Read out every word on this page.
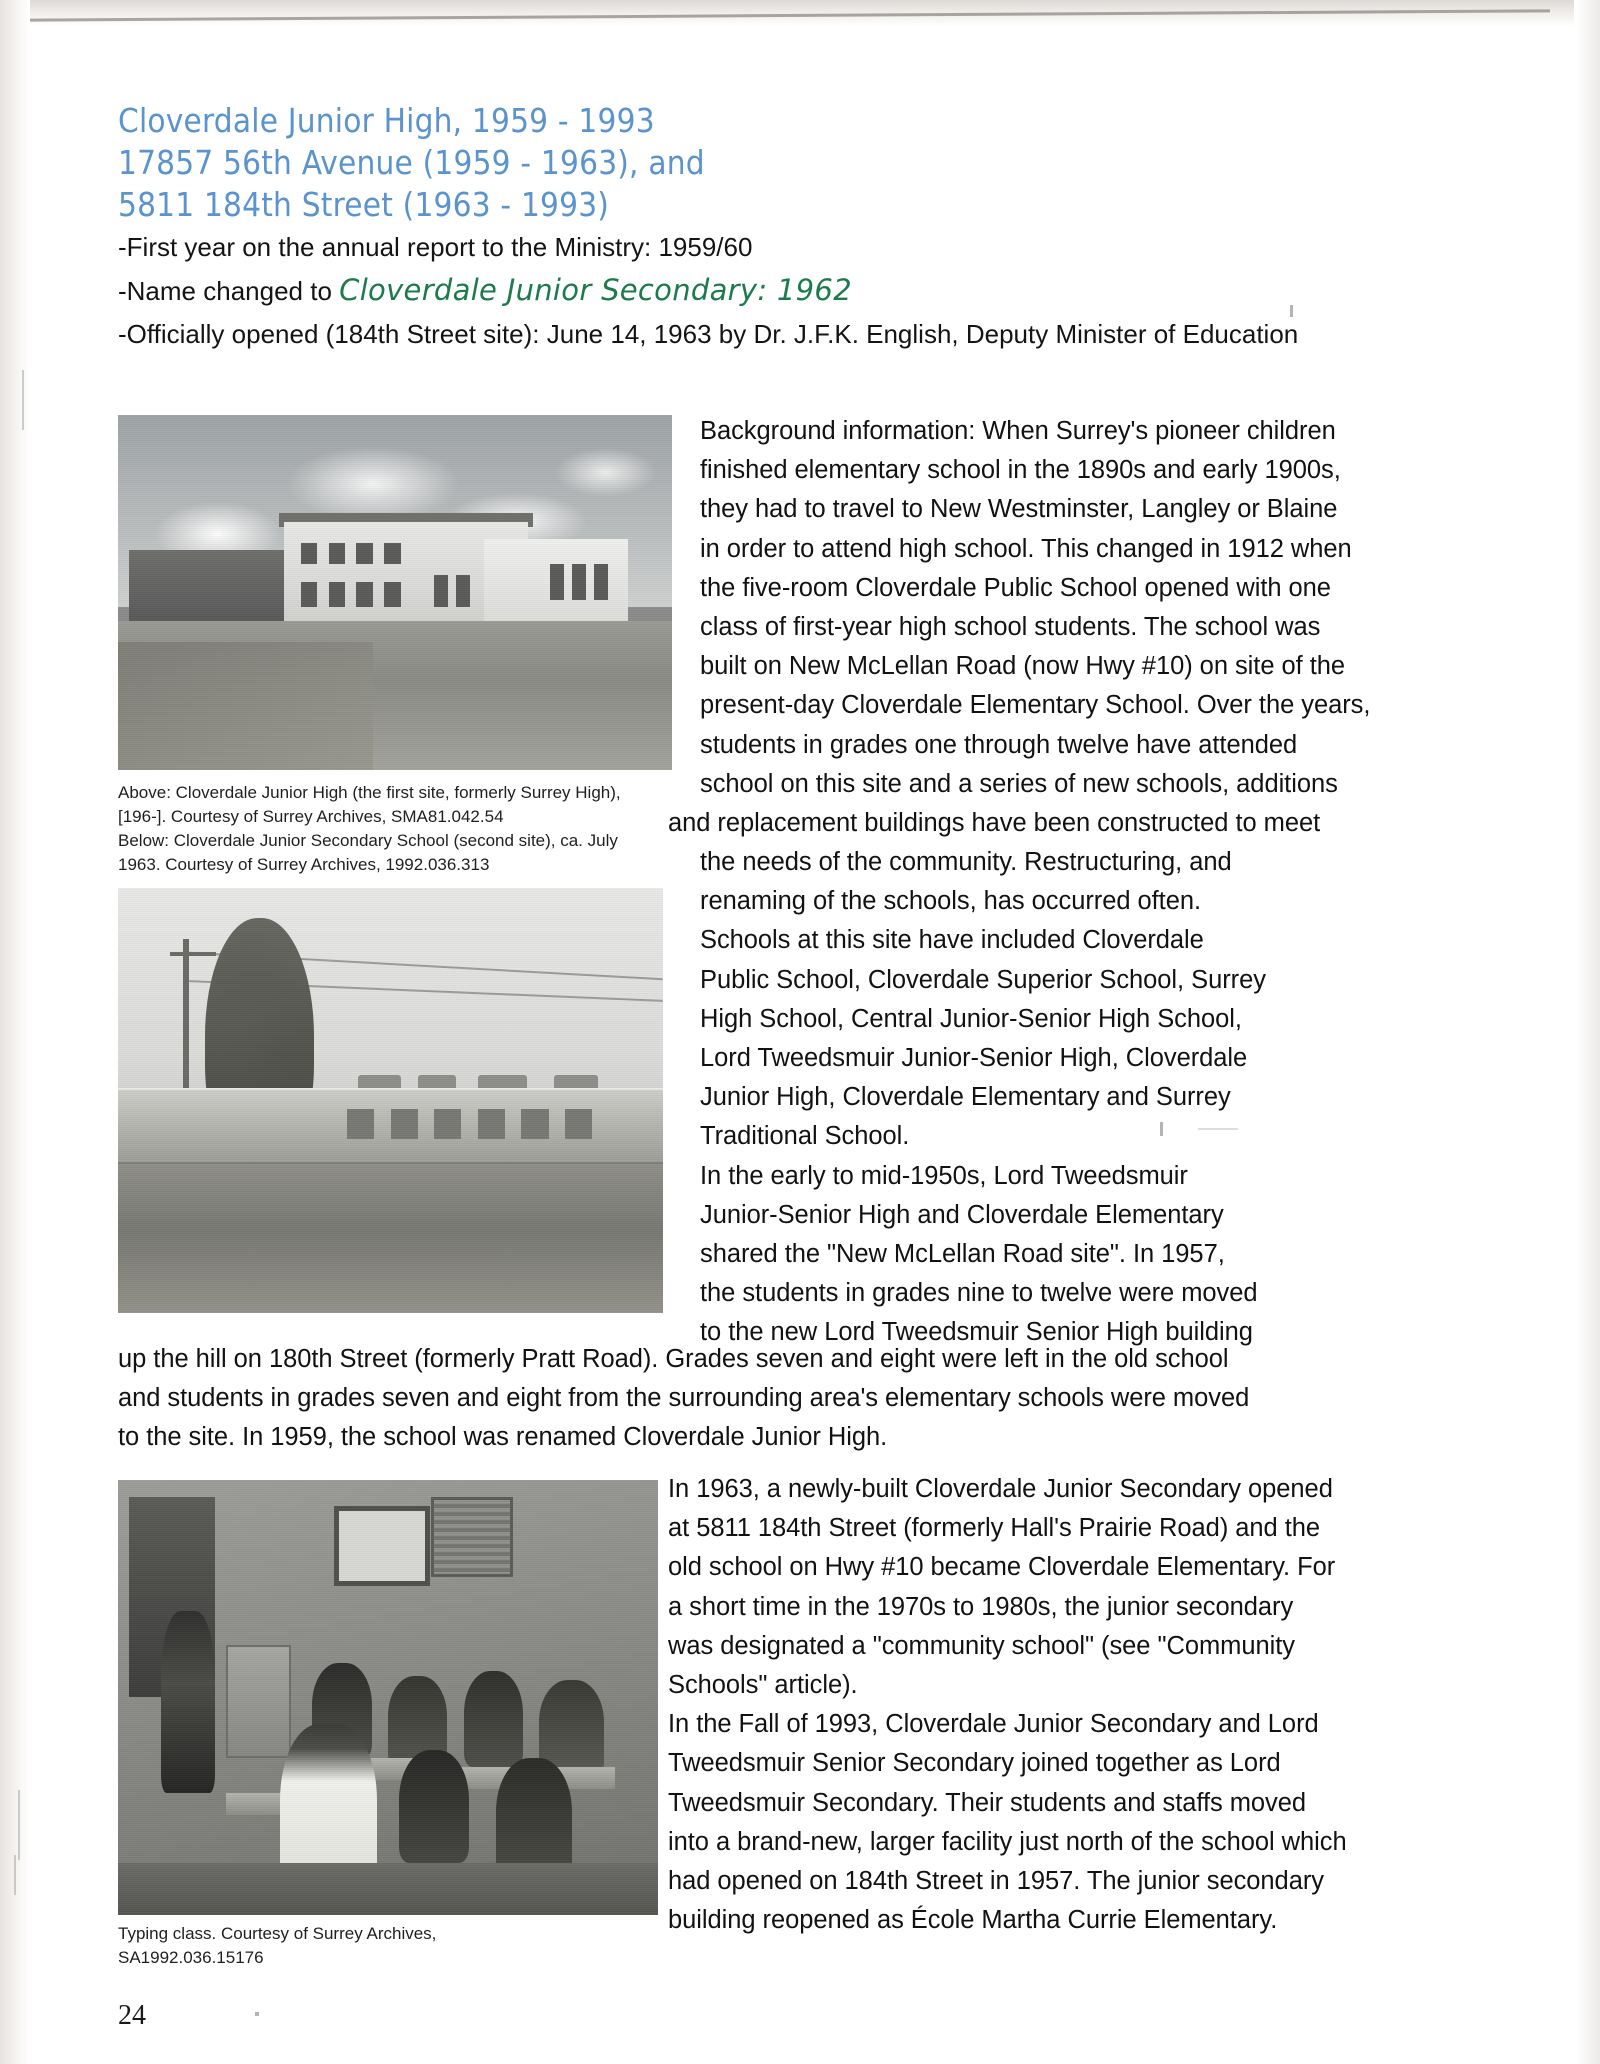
Cloverdale Junior High, 1959 - 1993
17857 56th Avenue (1959 - 1963), and
5811 184th Street (1963 - 1993)
-First year on the annual report to the Ministry: 1959/60
-Name changed to Cloverdale Junior Secondary: 1962
-Officially opened (184th Street site): June 14, 1963 by Dr. J.F.K. English, Deputy Minister of Education
Above: Cloverdale Junior High (the first site, formerly Surrey High),
[196-]. Courtesy of Surrey Archives, SMA81.042.54
Below: Cloverdale Junior Secondary School (second site), ca. July
1963. Courtesy of Surrey Archives, 1992.036.313
Typing class. Courtesy of Surrey Archives,
SA1992.036.15176

Background information: When Surrey's pioneer children
finished elementary school in the 1890s and early 1900s,
they had to travel to New Westminster, Langley or Blaine
in order to attend high school. This changed in 1912 when
the five-room Cloverdale Public School opened with one
class of first-year high school students. The school was
built on New McLellan Road (now Hwy #10) on site of the
present-day Cloverdale Elementary School. Over the years,
students in grades one through twelve have attended
school on this site and a series of new schools, additions

and replacement buildings have been constructed to meet
the needs of the community. Restructuring, and
renaming of the schools, has occurred often.
Schools at this site have included Cloverdale
Public School, Cloverdale Superior School, Surrey
High School, Central Junior-Senior High School,
Lord Tweedsmuir Junior-Senior High, Cloverdale
Junior High, Cloverdale Elementary and Surrey
Traditional School.
In the early to mid-1950s, Lord Tweedsmuir
Junior-Senior High and Cloverdale Elementary
shared the "New McLellan Road site". In 1957,
the students in grades nine to twelve were moved
to the new Lord Tweedsmuir Senior High building
up the hill on 180th Street (formerly Pratt Road). Grades seven and eight were left in the old school
and students in grades seven and eight from the surrounding area's elementary schools were moved
to the site. In 1959, the school was renamed Cloverdale Junior High.
In 1963, a newly-built Cloverdale Junior Secondary opened
at 5811 184th Street (formerly Hall's Prairie Road) and the
old school on Hwy #10 became Cloverdale Elementary. For
a short time in the 1970s to 1980s, the junior secondary
was designated a "community school" (see "Community
Schools" article).
In the Fall of 1993, Cloverdale Junior Secondary and Lord
Tweedsmuir Senior Secondary joined together as Lord
Tweedsmuir Secondary. Their students and staffs moved
into a brand-new, larger facility just north of the school which
had opened on 184th Street in 1957. The junior secondary
building reopened as École Martha Currie Elementary.
24
